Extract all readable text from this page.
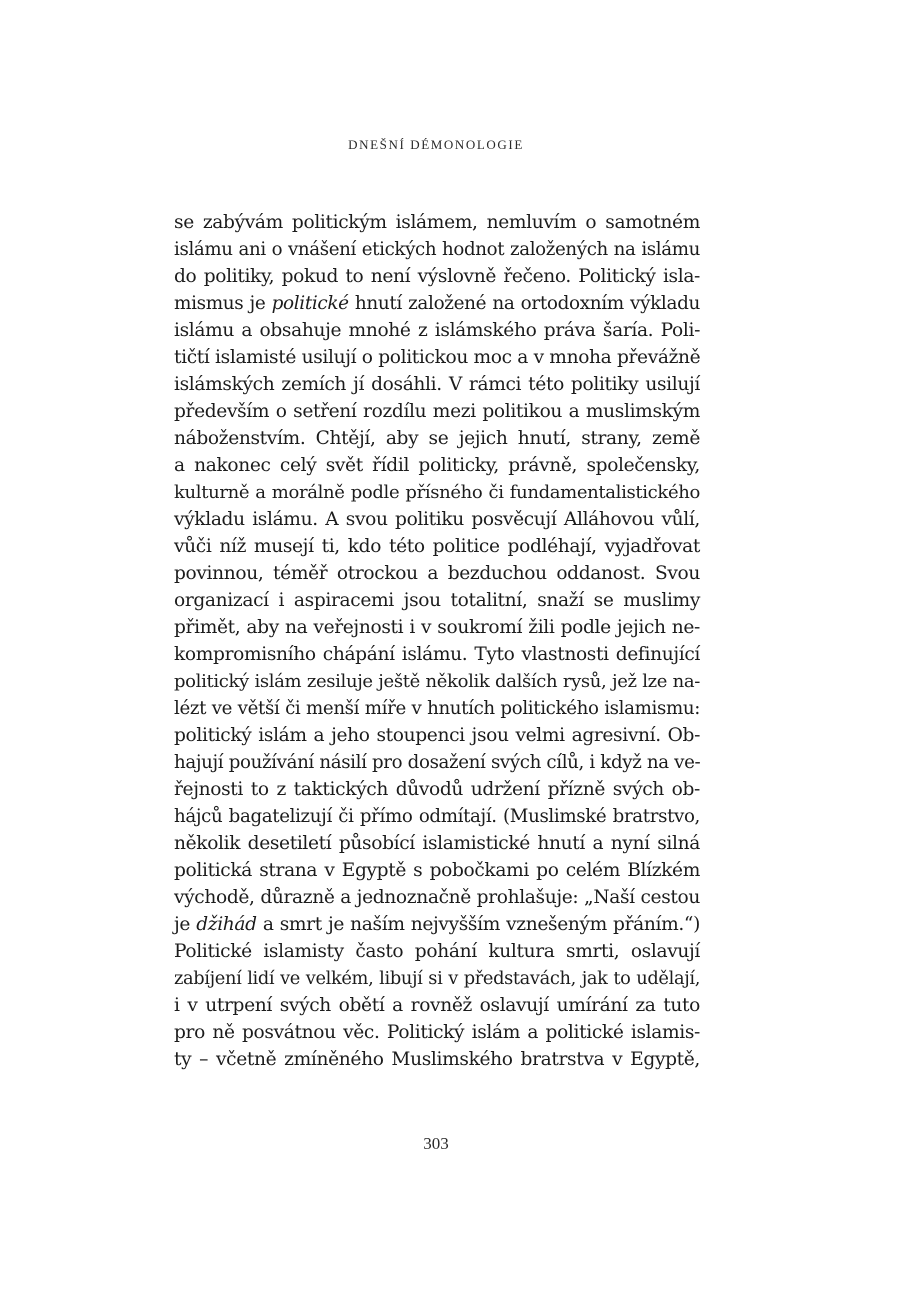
DNEŠNÍ DÉMONOLOGIE
se zabývám politickým islámem, nemluvím o samotném
islámu ani o vnášení etických hodnot založených na islámu
do politiky, pokud to není výslovně řečeno. Politický isla-
mismus je politické hnutí založené na ortodoxním výkladu
islámu a obsahuje mnohé z islámského práva šaría. Poli-
tičtí islamisté usilují o politickou moc a v mnoha převážně
islámských zemích jí dosáhli. V rámci této politiky usilují
především o setření rozdílu mezi politikou a muslimským
náboženstvím. Chtějí, aby se jejich hnutí, strany, země
a nakonec celý svět řídil politicky, právně, společensky,
kulturně a morálně podle přísného či fundamentalistického
výkladu islámu. A svou politiku posvěcují Alláhovou vůlí,
vůči níž musejí ti, kdo této politice podléhají, vyjadřovat
povinnou, téměř otrockou a bezduchou oddanost. Svou
organizací i aspiracemi jsou totalitní, snaží se muslimy
přimět, aby na veřejnosti i v soukromí žili podle jejich ne-
kompromisního chápání islámu. Tyto vlastnosti definující
politický islám zesiluje ještě několik dalších rysů, jež lze na-
lézt ve větší či menší míře v hnutích politického islamismu:
politický islám a jeho stoupenci jsou velmi agresivní. Ob-
hajují používání násilí pro dosažení svých cílů, i když na ve-
řejnosti to z taktických důvodů udržení přízně svých ob-
hájců bagatelizují či přímo odmítají. (Muslimské bratrstvo,
několik desetiletí působící islamistické hnutí a nyní silná
politická strana v Egyptě s pobočkami po celém Blízkém
východě, důrazně a jednoznačně prohlašuje: „Naší cestou
je džihád a smrt je naším nejvyšším vznešeným přáním.“)
Politické islamisty často pohání kultura smrti, oslavují
zabíjení lidí ve velkém, libují si v představách, jak to udělají,
i v utrpení svých obětí a rovněž oslavují umírání za tuto
pro ně posvátnou věc. Politický islám a politické islamis-
ty – včetně zmíněného Muslimského bratrstva v Egyptě,
303
